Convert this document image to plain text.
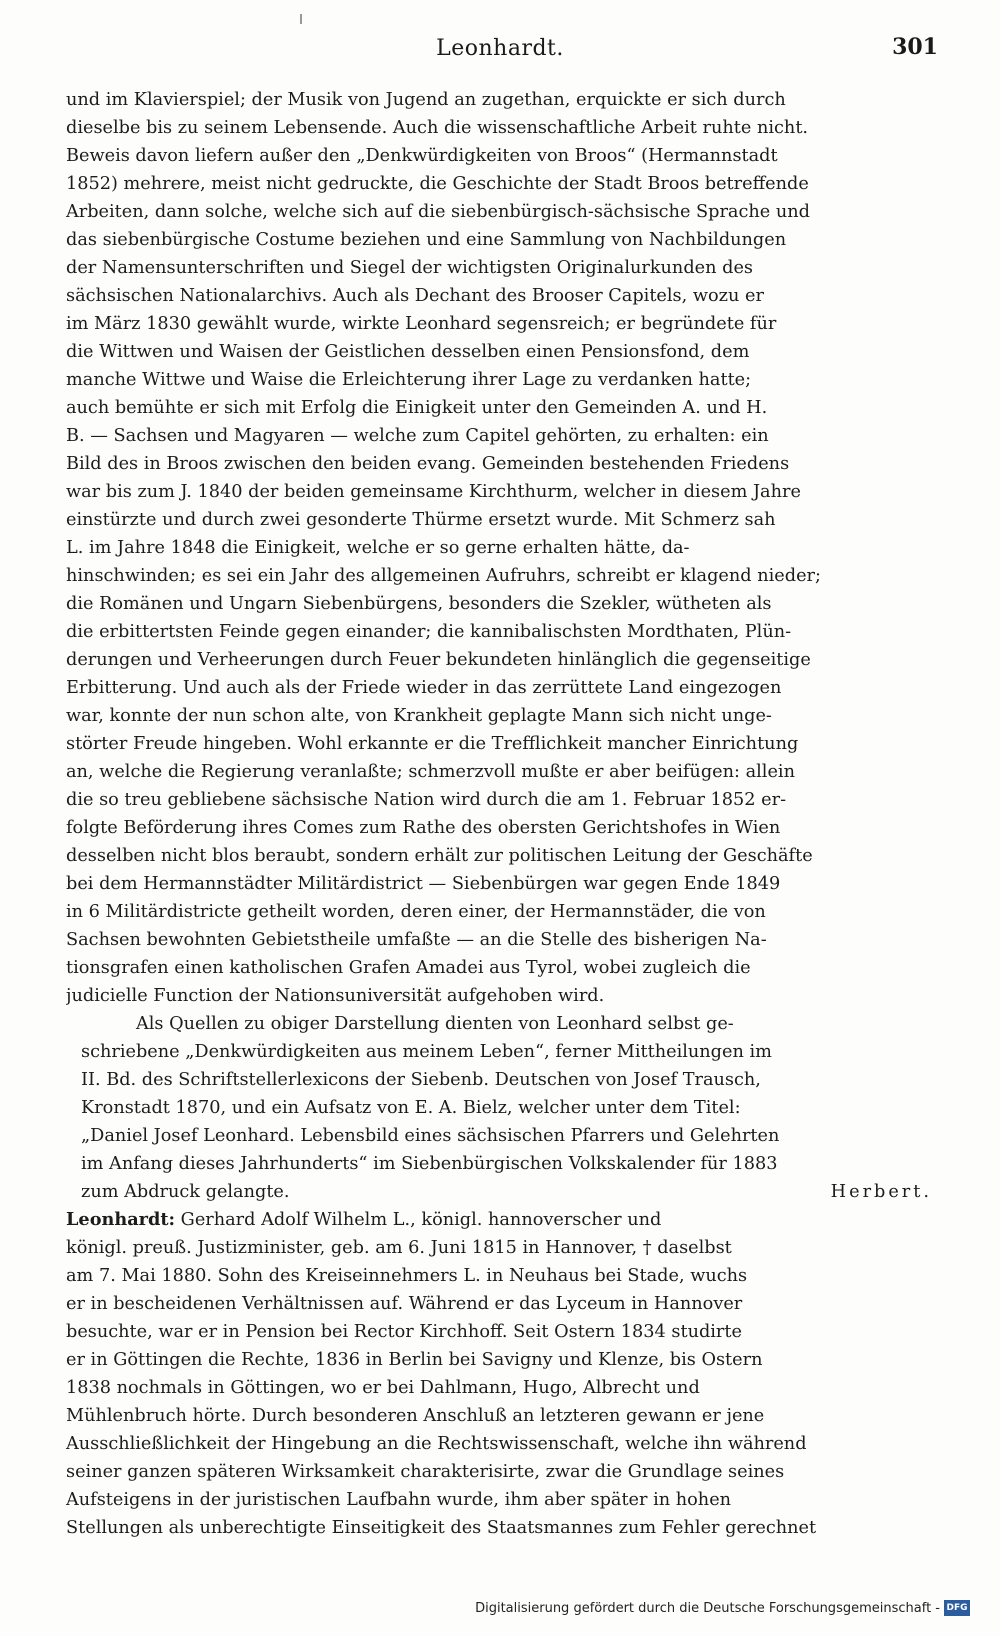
Leonhardt.	301
und im Klavierspiel; der Musik von Jugend an zugethan, erquickte er sich durch
dieselbe bis zu seinem Lebensende. Auch die wissenschaftliche Arbeit ruhte nicht.
Beweis davon liefern außer den „Denkwürdigkeiten von Broos“ (Hermannstadt
1852) mehrere, meist nicht gedruckte, die Geschichte der Stadt Broos betreffende
Arbeiten, dann solche, welche sich auf die siebenbürgisch-sächsische Sprache und
das siebenbürgische Costume beziehen und eine Sammlung von Nachbildungen
der Namensunterschriften und Siegel der wichtigsten Originalurkunden des
sächsischen Nationalarchivs. Auch als Dechant des Brooser Capitels, wozu er
im März 1830 gewählt wurde, wirkte Leonhard segensreich; er begründete für
die Wittwen und Waisen der Geistlichen desselben einen Pensionsfond, dem
manche Wittwe und Waise die Erleichterung ihrer Lage zu verdanken hatte;
auch bemühte er sich mit Erfolg die Einigkeit unter den Gemeinden A. und H.
B. — Sachsen und Magyaren — welche zum Capitel gehörten, zu erhalten: ein
Bild des in Broos zwischen den beiden evang. Gemeinden bestehenden Friedens
war bis zum J. 1840 der beiden gemeinsame Kirchthurm, welcher in diesem Jahre
einstürzte und durch zwei gesonderte Thürme ersetzt wurde. Mit Schmerz sah
L. im Jahre 1848 die Einigkeit, welche er so gerne erhalten hätte, da-
hinschwinden; es sei ein Jahr des allgemeinen Aufruhrs, schreibt er klagend nieder;
die Romänen und Ungarn Siebenbürgens, besonders die Szekler, wütheten als
die erbittertsten Feinde gegen einander; die kannibalischsten Mordthaten, Plün-
derungen und Verheerungen durch Feuer bekundeten hinlänglich die gegenseitige
Erbitterung. Und auch als der Friede wieder in das zerrüttete Land eingezogen
war, konnte der nun schon alte, von Krankheit geplagte Mann sich nicht unge-
störter Freude hingeben. Wohl erkannte er die Trefflichkeit mancher Einrichtung
an, welche die Regierung veranlaßte; schmerzvoll mußte er aber beifügen: allein
die so treu gebliebene sächsische Nation wird durch die am 1. Februar 1852 er-
folgte Beförderung ihres Comes zum Rathe des obersten Gerichtshofes in Wien
desselben nicht blos beraubt, sondern erhält zur politischen Leitung der Geschäfte
bei dem Hermannstädter Militärdistrict — Siebenbürgen war gegen Ende 1849
in 6 Militärdistricte getheilt worden, deren einer, der Hermannstäder, die von
Sachsen bewohnten Gebietstheile umfaßte — an die Stelle des bisherigen Na-
tionsgrafen einen katholischen Grafen Amadei aus Tyrol, wobei zugleich die
judicielle Function der Nationsuniversität aufgehoben wird.
Als Quellen zu obiger Darstellung dienten von Leonhard selbst ge-
schriebene „Denkwürdigkeiten aus meinem Leben“, ferner Mittheilungen im
II. Bd. des Schriftstellerlexicons der Siebenb. Deutschen von Josef Trausch,
Kronstadt 1870, und ein Aufsatz von E. A. Bielz, welcher unter dem Titel:
„Daniel Josef Leonhard. Lebensbild eines sächsischen Pfarrers und Gelehrten
im Anfang dieses Jahrhunderts“ im Siebenbürgischen Volkskalender für 1883
zum Abdruck gelangte.	Herbert.
Leonhardt: Gerhard Adolf Wilhelm L., königl. hannoverscher und
königl. preuß. Justizminister, geb. am 6. Juni 1815 in Hannover, † daselbst
am 7. Mai 1880. Sohn des Kreiseinnehmers L. in Neuhaus bei Stade, wuchs
er in bescheidenen Verhältnissen auf. Während er das Lyceum in Hannover
besuchte, war er in Pension bei Rector Kirchhoff. Seit Ostern 1834 studirte
er in Göttingen die Rechte, 1836 in Berlin bei Savigny und Klenze, bis Ostern
1838 nochmals in Göttingen, wo er bei Dahlmann, Hugo, Albrecht und
Mühlenbruch hörte. Durch besonderen Anschluß an letzteren gewann er jene
Ausschließlichkeit der Hingebung an die Rechtswissenschaft, welche ihn während
seiner ganzen späteren Wirksamkeit charakterisirte, zwar die Grundlage seines
Aufsteigens in der juristischen Laufbahn wurde, ihm aber später in hohen
Stellungen als unberechtigte Einseitigkeit des Staatsmannes zum Fehler gerechnet
Digitalisierung gefördert durch die Deutsche Forschungsgemeinschaft - DFG
